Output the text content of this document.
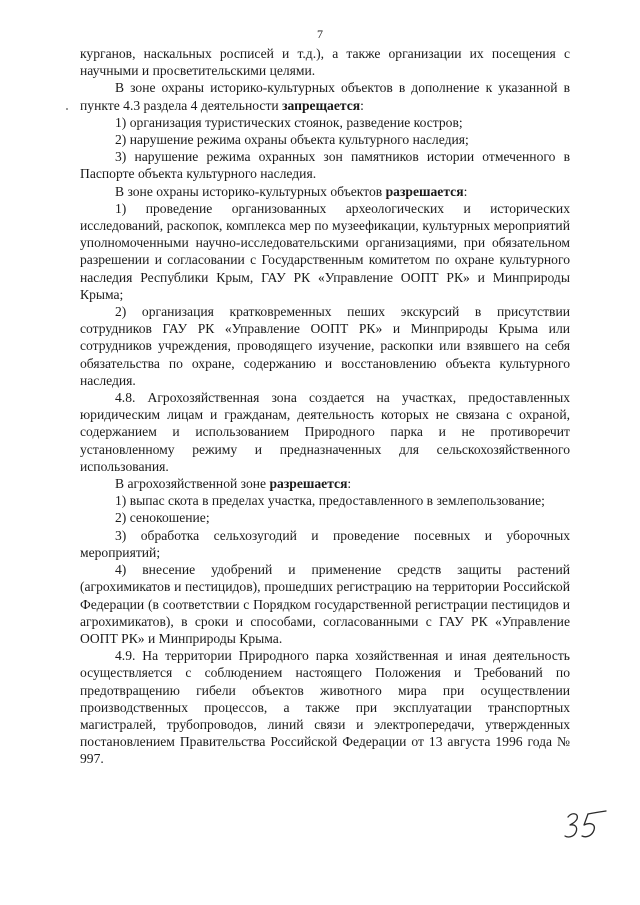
7

курганов, наскальных росписей и т.д.), а также организации их посещения с научными и просветительскими целями.

В зоне охраны историко-культурных объектов в дополнение к указанной в пункте 4.3 раздела 4 деятельности запрещается:

1) организация туристических стоянок, разведение костров;

2) нарушение режима охраны объекта культурного наследия;

3) нарушение режима охранных зон памятников истории отмеченного в Паспорте объекта культурного наследия.

В зоне охраны историко-культурных объектов разрешается:

1) проведение организованных археологических и исторических исследований, раскопок, комплекса мер по музеефикации, культурных мероприятий уполномоченными научно-исследовательскими организациями, при обязательном разрешении и согласовании с Государственным комитетом по охране культурного наследия Республики Крым, ГАУ РК «Управление ООПТ РК» и Минприроды Крыма;

2) организация кратковременных пеших экскурсий в присутствии сотрудников ГАУ РК «Управление ООПТ РК» и Минприроды Крыма или сотрудников учреждения, проводящего изучение, раскопки или взявшего на себя обязательства по охране, содержанию и восстановлению объекта культурного наследия.

4.8. Агрохозяйственная зона создается на участках, предоставленных юридическим лицам и гражданам, деятельность которых не связана с охраной, содержанием и использованием Природного парка и не противоречит установленному режиму и предназначенных для сельскохозяйственного использования.

В агрохозяйственной зоне разрешается:

1) выпас скота в пределах участка, предоставленного в землепользование;

2) сенокошение;

3) обработка сельхозугодий и проведение посевных и уборочных мероприятий;

4) внесение удобрений и применение средств защиты растений (агрохимикатов и пестицидов), прошедших регистрацию на территории Российской Федерации (в соответствии с Порядком государственной регистрации пестицидов и агрохимикатов), в сроки и способами, согласованными с ГАУ РК «Управление ООПТ РК» и Минприроды Крыма.

4.9. На территории Природного парка хозяйственная и иная деятельность осуществляется с соблюдением настоящего Положения и Требований по предотвращению гибели объектов животного мира при осуществлении производственных процессов, а также при эксплуатации транспортных магистралей, трубопроводов, линий связи и электропередачи, утвержденных постановлением Правительства Российской Федерации от 13 августа 1996 года № 997.
